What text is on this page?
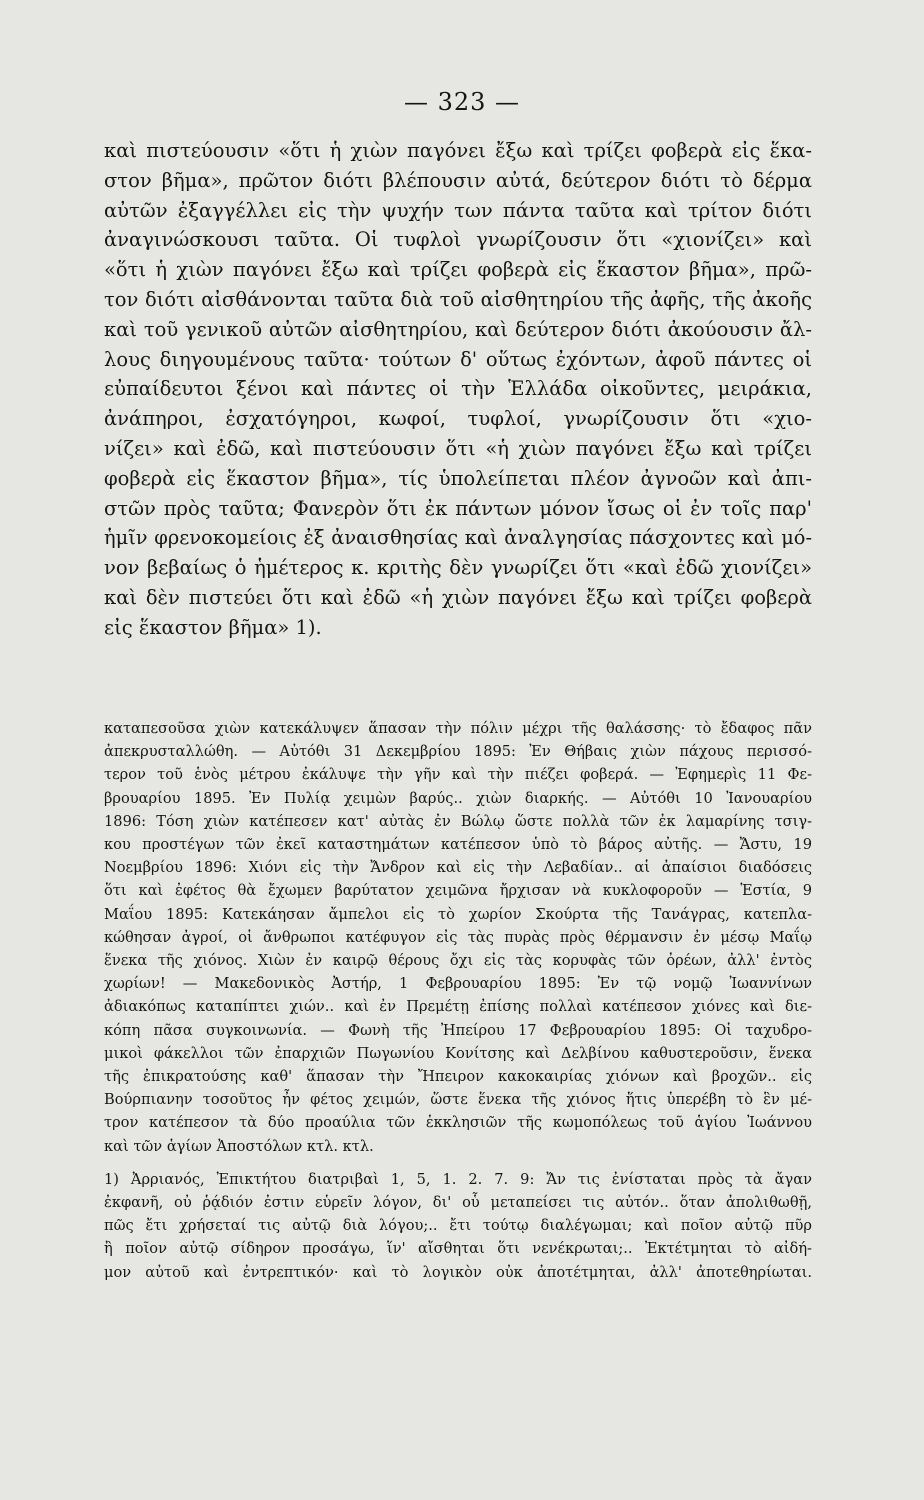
— 323 —
καὶ πιστεύουσιν «ὅτι ἡ χιὼν παγόνει ἔξω καὶ τρίζει φοβερὰ εἰς ἕκα-
στον βῆμα», πρῶτον διότι βλέπουσιν αὐτά, δεύτερον διότι τὸ δέρμα
αὐτῶν ἐξαγγέλλει εἰς τὴν ψυχήν των πάντα ταῦτα καὶ τρίτον διότι
ἀναγινώσκουσι ταῦτα. Οἱ τυφλοὶ γνωρίζουσιν ὅτι «χιονίζει» καὶ
«ὅτι ἡ χιὼν παγόνει ἔξω καὶ τρίζει φοβερὰ εἰς ἕκαστον βῆμα», πρῶ-
τον διότι αἰσθάνονται ταῦτα διὰ τοῦ αἰσθητηρίου τῆς ἀφῆς, τῆς ἀκοῆς
καὶ τοῦ γενικοῦ αὐτῶν αἰσθητηρίου, καὶ δεύτερον διότι ἀκούουσιν ἄλ-
λους διηγουμένους ταῦτα· τούτων δ' οὕτως ἐχόντων, ἀφοῦ πάντες οἱ
εὐπαίδευτοι ξένοι καὶ πάντες οἱ τὴν Ἑλλάδα οἰκοῦντες, μειράκια,
ἀνάπηροι, ἐσχατόγηροι, κωφοί, τυφλοί, γνωρίζουσιν ὅτι «χιο-
νίζει» καὶ ἐδῶ, καὶ πιστεύουσιν ὅτι «ἡ χιὼν παγόνει ἔξω καὶ τρίζει
φοβερὰ εἰς ἕκαστον βῆμα», τίς ὑπολείπεται πλέον ἀγνοῶν καὶ ἀπι-
στῶν πρὸς ταῦτα; Φανερὸν ὅτι ἐκ πάντων μόνον ἴσως οἱ ἐν τοῖς παρ'
ἡμῖν φρενοκομείοις ἐξ ἀναισθησίας καὶ ἀναλγησίας πάσχοντες καὶ μό-
νον βεβαίως ὁ ἡμέτερος κ. κριτὴς δὲν γνωρίζει ὅτι «καὶ ἐδῶ χιονίζει»
καὶ δὲν πιστεύει ὅτι καὶ ἐδῶ «ἡ χιὼν παγόνει ἔξω καὶ τρίζει φοβερὰ
εἰς ἕκαστον βῆμα» 1).
καταπεσοῦσα χιὼν κατεκάλυψεν ἅπασαν τὴν πόλιν μέχρι τῆς θαλάσσης· τὸ ἔδαφος πᾶν
ἀπεκρυσταλλώθη. — Αὐτόθι 31 Δεκεμβρίου 1895: Ἐν Θήβαις χιὼν πάχους περισσό-
τερον τοῦ ἑνὸς μέτρου ἐκάλυψε τὴν γῆν καὶ τὴν πιέζει φοβερά. — Ἐφημερὶς 11 Φε-
βρουαρίου 1895. Ἐν Πυλίᾳ χειμὼν βαρύς.. χιὼν διαρκής. — Αὐτόθι 10 Ἰανουαρίου
1896: Τόση χιὼν κατέπεσεν κατ' αὐτὰς ἐν Βώλῳ ὥστε πολλὰ τῶν ἐκ λαμαρίνης τσιγ-
κου προστέγων τῶν ἐκεῖ καταστημάτων κατέπεσον ὑπὸ τὸ βάρος αὐτῆς. — Ἄστυ, 19
Νοεμβρίου 1896: Χιόνι εἰς τὴν Ἄνδρον καὶ εἰς τὴν Λεβαδίαν.. αἱ ἀπαίσιοι διαδόσεις
ὅτι καὶ ἐφέτος θὰ ἔχωμεν βαρύτατον χειμῶνα ἤρχισαν νὰ κυκλοφοροῦν — Ἑστία, 9
Μαΐου 1895: Κατεκάησαν ἄμπελοι εἰς τὸ χωρίον Σκούρτα τῆς Τανάγρας, κατεπλα-
κώθησαν ἀγροί, οἱ ἄνθρωποι κατέφυγον εἰς τὰς πυρὰς πρὸς θέρμανσιν ἐν μέσῳ Μαΐῳ
ἕνεκα τῆς χιόνος. Χιὼν ἐν καιρῷ θέρους ὄχι εἰς τὰς κορυφὰς τῶν ὀρέων, ἀλλ' ἐντὸς
χωρίων! — Μακεδονικὸς Ἀστήρ, 1 Φεβρουαρίου 1895: Ἐν τῷ νομῷ Ἰωαννίνων
ἀδιακόπως καταπίπτει χιών.. καὶ ἐν Πρεμέτῃ ἐπίσης πολλαὶ κατέπεσον χιόνες καὶ διε-
κόπη πᾶσα συγκοινωνία. — Φωνὴ τῆς Ἠπείρου 17 Φεβρουαρίου 1895: Οἱ ταχυδρο-
μικοὶ φάκελλοι τῶν ἐπαρχιῶν Πωγωνίου Κονίτσης καὶ Δελβίνου καθυστεροῦσιν, ἕνεκα
τῆς ἐπικρατούσης καθ' ἅπασαν τὴν Ἤπειρον κακοκαιρίας χιόνων καὶ βροχῶν.. εἰς
Βούρπιανην τοσοῦτος ἦν φέτος χειμών, ὥστε ἕνεκα τῆς χιόνος ἥτις ὑπερέβη τὸ ἓν μέ-
τρον κατέπεσον τὰ δύο προαύλια τῶν ἐκκλησιῶν τῆς κωμοπόλεως τοῦ ἁγίου Ἰωάννου
καὶ τῶν ἁγίων Ἀποστόλων κτλ. κτλ.
1) Ἀρριανός, Ἐπικτήτου διατριβαὶ 1, 5, 1. 2. 7. 9: Ἄν τις ἐνίσταται πρὸς τὰ ἄγαν
ἐκφανῆ, οὐ ῥᾴδιόν ἐστιν εὑρεῖν λόγον, δι' οὗ μεταπείσει τις αὐτόν.. ὅταν ἀπολιθωθῇ,
πῶς ἔτι χρήσεταί τις αὐτῷ διὰ λόγου;.. ἔτι τούτῳ διαλέγωμαι; καὶ ποῖον αὐτῷ πῦρ
ἢ ποῖον αὐτῷ σίδηρον προσάγω, ἵν' αἴσθηται ὅτι νενέκρωται;.. Ἐκτέτμηται τὸ αἰδή-
μον αὐτοῦ καὶ ἐντρεπτικόν· καὶ τὸ λογικὸν οὐκ ἀποτέτμηται, ἀλλ' ἀποτεθηρίωται.
